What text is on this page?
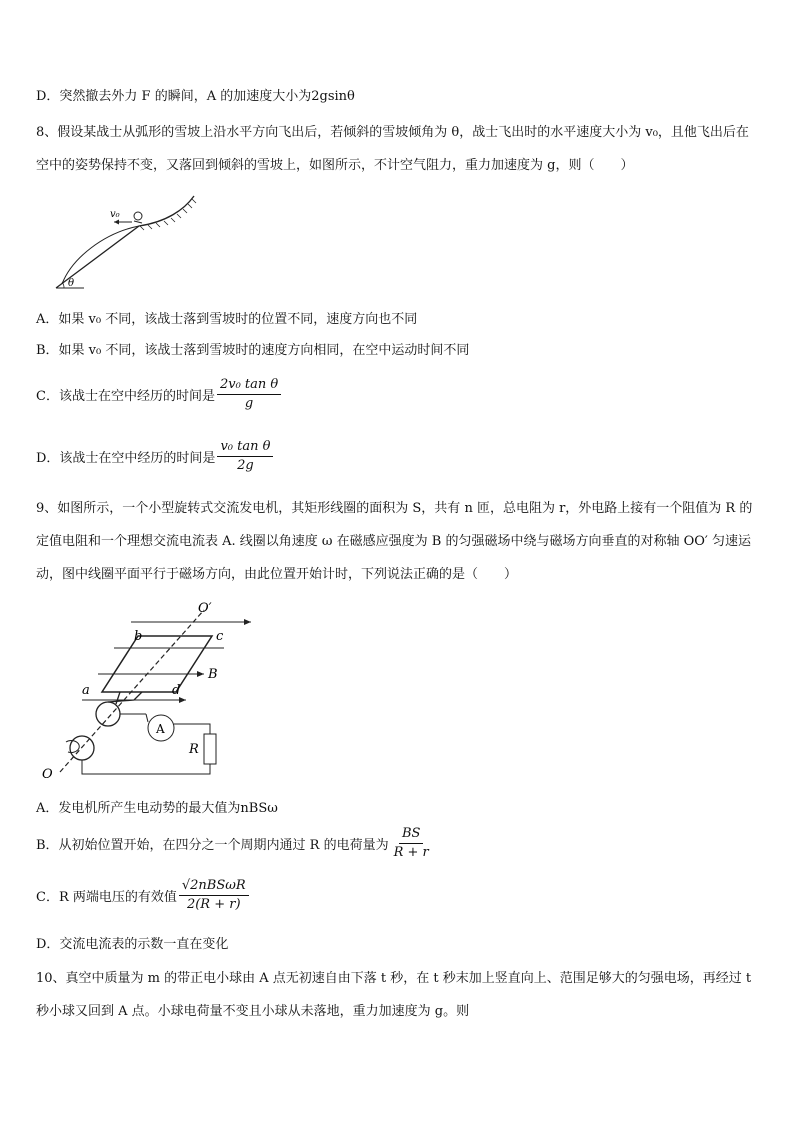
D．突然撤去外力 F 的瞬间，A 的加速度大小为2gsinθ
8、假设某战士从弧形的雪坡上沿水平方向飞出后，若倾斜的雪坡倾角为 θ，战士飞出时的水平速度大小为 v₀，且他飞出后在空中的姿势保持不变，又落回到倾斜的雪坡上，如图所示，不计空气阻力，重力加速度为 g，则（　　）
v₀
θ
A．如果 v₀ 不同，该战士落到雪坡时的位置不同，速度方向也不同
B．如果 v₀ 不同，该战士落到雪坡时的速度方向相同，在空中运动时间不同
C．该战士在空中经历的时间是 $\frac{\text{2v₀ tan θ}}{g}$
D．该战士在空中经历的时间是 $\frac{\text{v₀ tan θ}}{2g}$
9、如图所示，一个小型旋转式交流发电机，其矩形线圈的面积为 S，共有 n 匝，总电阻为 r，外电路上接有一个阻值为 R 的定值电阻和一个理想交流电流表 A. 线圈以角速度 ω 在磁感应强度为 B 的匀强磁场中绕与磁场方向垂直的对称轴 OO′ 匀速运动，图中线圈平面平行于磁场方向，由此位置开始计时，下列说法正确的是（　　）
O′
b	c
B
a	d
A
R
O
A．发电机所产生电动势的最大值为nBSω
B．从初始位置开始，在四分之一个周期内通过 R 的电荷量为 $\frac{BS}{R + r}$
C．R 两端电压的有效值 $\frac{\text{√2nBSωR}}{2(R + r)}$
D．交流电流表的示数一直在变化
10、真空中质量为 m 的带正电小球由 A 点无初速自由下落 t 秒，在 t 秒末加上竖直向上、范围足够大的匀强电场，再经过 t 秒小球又回到 A 点。小球电荷量不变且小球从未落地，重力加速度为 g。则
